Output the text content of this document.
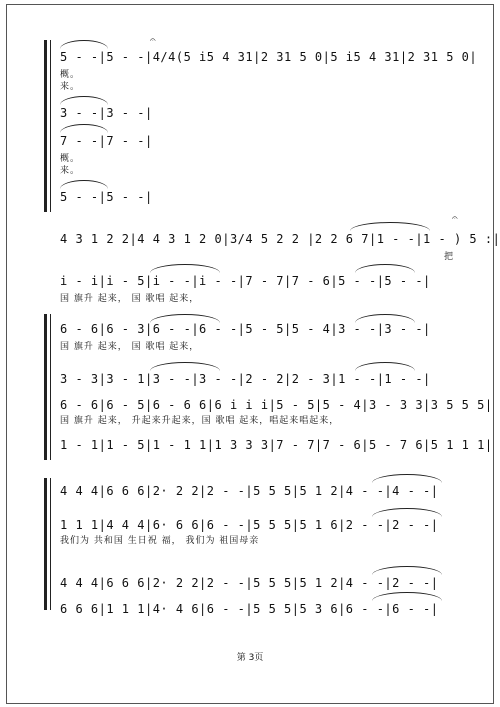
𝄐
5 - -|5 - -|4/4(5 i5 4 31|2 31 5 0|5 i5 4 31|2 31 5 0|
概。
来。
3 - -|3 - -|
7 - -|7 - -|
概。
来。
5 - -|5 - -|
𝄐
4 3 1 2 2|4 4 3 1 2 0|3/4 5 2 2 |2 2 6 7|1 - -|1 - ) 5 :|
把
i - i|i - 5|i - -|i - -|7 - 7|7 - 6|5 - -|5 - -|
国 旗升 起来， 国 歌唱 起来，
6 - 6|6 - 3|6 - -|6 - -|5 - 5|5 - 4|3 - -|3 - -|
国 旗升 起来， 国 歌唱 起来，
3 - 3|3 - 1|3 - -|3 - -|2 - 2|2 - 3|1 - -|1 - -|
6 - 6|6 - 5|6 - 6 6|6 i i i|5 - 5|5 - 4|3 - 3 3|3 5 5 5|
国 旗升 起来， 升起来升起来，国 歌唱 起来，唱起来唱起来，
1 - 1|1 - 5|1 - 1 1|1 3 3 3|7 - 7|7 - 6|5 - 7 6|5 1 1 1|
4 4 4|6 6 6|2· 2 2|2 - -|5 5 5|5 1 2|4 - -|4 - -|
1 1 1|4 4 4|6· 6 6|6 - -|5 5 5|5 1 6|2 - -|2 - -|
我们为 共和国 生日祝 福， 我们为 祖国母亲
4 4 4|6 6 6|2· 2 2|2 - -|5 5 5|5 1 2|4 - -|2 - -|
6 6 6|1 1 1|4· 4 6|6 - -|5 5 5|5 3 6|6 - -|6 - -|
第 3页
